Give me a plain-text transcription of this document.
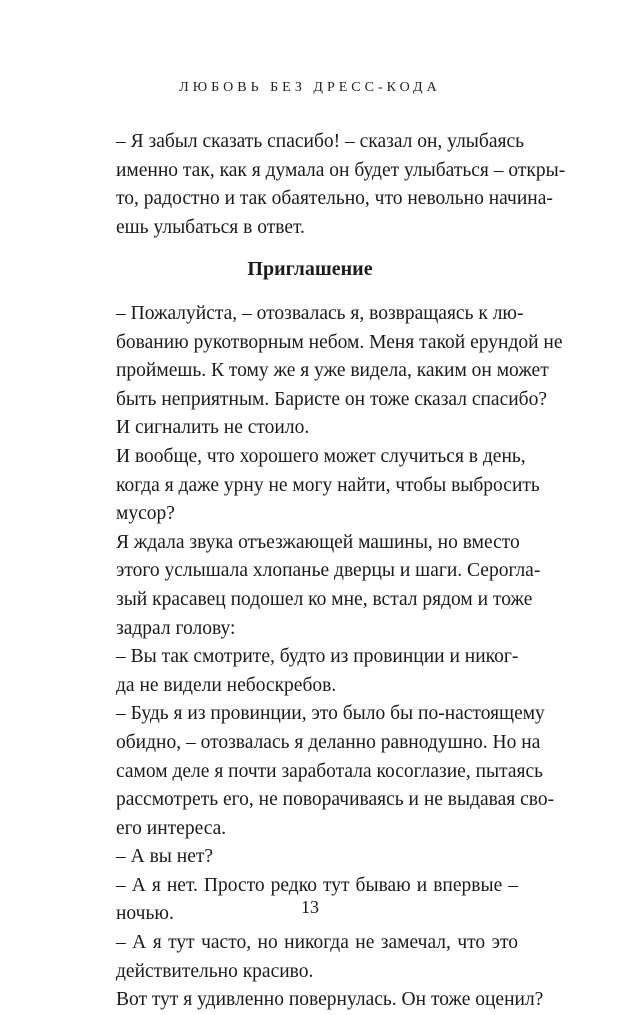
ЛЮБОВЬ БЕЗ ДРЕСС-КОДА
– Я забыл сказать спасибо! – сказал он, улыбаясь
именно так, как я думала он будет улыбаться – откры-
то, радостно и так обаятельно, что невольно начина-
ешь улыбаться в ответ.
Приглашение
– Пожалуйста, – отозвалась я, возвращаясь к лю-
бованию рукотворным небом. Меня такой ерундой не
проймешь. К тому же я уже видела, каким он может
быть неприятным. Баристе он тоже сказал спасибо?
И сигналить не стоило.
И вообще, что хорошего может случиться в день,
когда я даже урну не могу найти, чтобы выбросить
мусор?
Я ждала звука отъезжающей машины, но вместо
этого услышала хлопанье дверцы и шаги. Серогла-
зый красавец подошел ко мне, встал рядом и тоже
задрал голову:
– Вы так смотрите, будто из провинции и никог-
да не видели небоскребов.
– Будь я из провинции, это было бы по-настоящему
обидно, – отозвалась я деланно равнодушно. Но на
самом деле я почти заработала косоглазие, пытаясь
рассмотреть его, не поворачиваясь и не выдавая сво-
его интереса.
– А вы нет?
– А я нет. Просто редко тут бываю и впервые –
ночью.
– А я тут часто, но никогда не замечал, что это
действительно красиво.
Вот тут я удивленно повернулась. Он тоже оценил?
13
